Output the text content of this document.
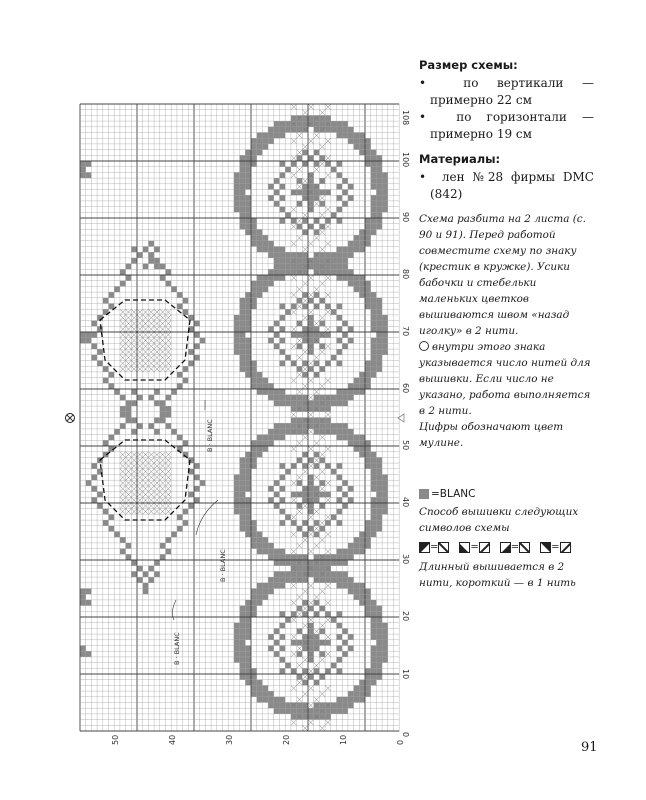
0
10
20
30
40
50
60
70
80
90
100
108
50	40	30	20	10	0
B · BLANC
B · BLANC
B · BLANC
Размер схемы:
•  по вертикали — примерно 22 см
•  по горизонтали — примерно 19 см
Материалы:
•  лен №28 фирмы DMC (842)

Схема разбита на 2 листа (с. 90 и 91). Перед работой совместите схему по знаку (крестик в кружке). Усики бабочки и стебельки маленьких цветков вышиваются швом «назад иголку» в 2 нити.

внутри этого знака указывается число нитей для вышивки. Если число не указано, работа выполняется в 2 нити.

Цифры обозначают цвет мулине.

=BLANC
Способ вышивки следующих символов схемы
=	=	=	=
Длинный вышивается в 2 нити, короткий — в 1 нить
91
